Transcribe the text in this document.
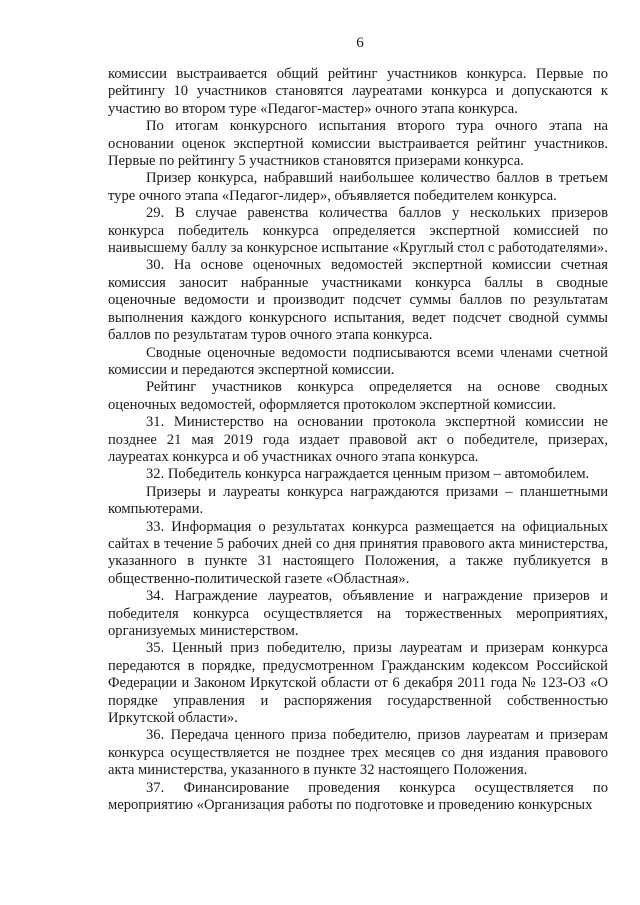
6

комиссии выстраивается общий рейтинг участников конкурса. Первые по рейтингу 10 участников становятся лауреатами конкурса и допускаются к участию во втором туре «Педагог-мастер» очного этапа конкурса.

По итогам конкурсного испытания второго тура очного этапа на основании оценок экспертной комиссии выстраивается рейтинг участников. Первые по рейтингу 5 участников становятся призерами конкурса.

Призер конкурса, набравший наибольшее количество баллов в третьем туре очного этапа «Педагог-лидер», объявляется победителем конкурса.

29. В случае равенства количества баллов у нескольких призеров конкурса победитель конкурса определяется экспертной комиссией по наивысшему баллу за конкурсное испытание «Круглый стол с работодателями».

30. На основе оценочных ведомостей экспертной комиссии счетная комиссия заносит набранные участниками конкурса баллы в сводные оценочные ведомости и производит подсчет суммы баллов по результатам выполнения каждого конкурсного испытания, ведет подсчет сводной суммы баллов по результатам туров очного этапа конкурса.

Сводные оценочные ведомости подписываются всеми членами счетной комиссии и передаются экспертной комиссии.

Рейтинг участников конкурса определяется на основе сводных оценочных ведомостей, оформляется протоколом экспертной комиссии.

31. Министерство на основании протокола экспертной комиссии не позднее 21 мая 2019 года издает правовой акт о победителе, призерах, лауреатах конкурса и об участниках очного этапа конкурса.

32. Победитель конкурса награждается ценным призом – автомобилем.

Призеры и лауреаты конкурса награждаются призами – планшетными компьютерами.

33. Информация о результатах конкурса размещается на официальных сайтах в течение 5 рабочих дней со дня принятия правового акта министерства, указанного в пункте 31 настоящего Положения, а также публикуется в общественно-политической газете «Областная».

34. Награждение лауреатов, объявление и награждение призеров и победителя конкурса осуществляется на торжественных мероприятиях, организуемых министерством.

35. Ценный приз победителю, призы лауреатам и призерам конкурса передаются в порядке, предусмотренном Гражданским кодексом Российской Федерации и Законом Иркутской области от 6 декабря 2011 года № 123-ОЗ «О порядке управления и распоряжения государственной собственностью Иркутской области».

36. Передача ценного приза победителю, призов лауреатам и призерам конкурса осуществляется не позднее трех месяцев со дня издания правового акта министерства, указанного в пункте 32 настоящего Положения.

37. Финансирование проведения конкурса осуществляется по мероприятию «Организация работы по подготовке и проведению конкурсных
